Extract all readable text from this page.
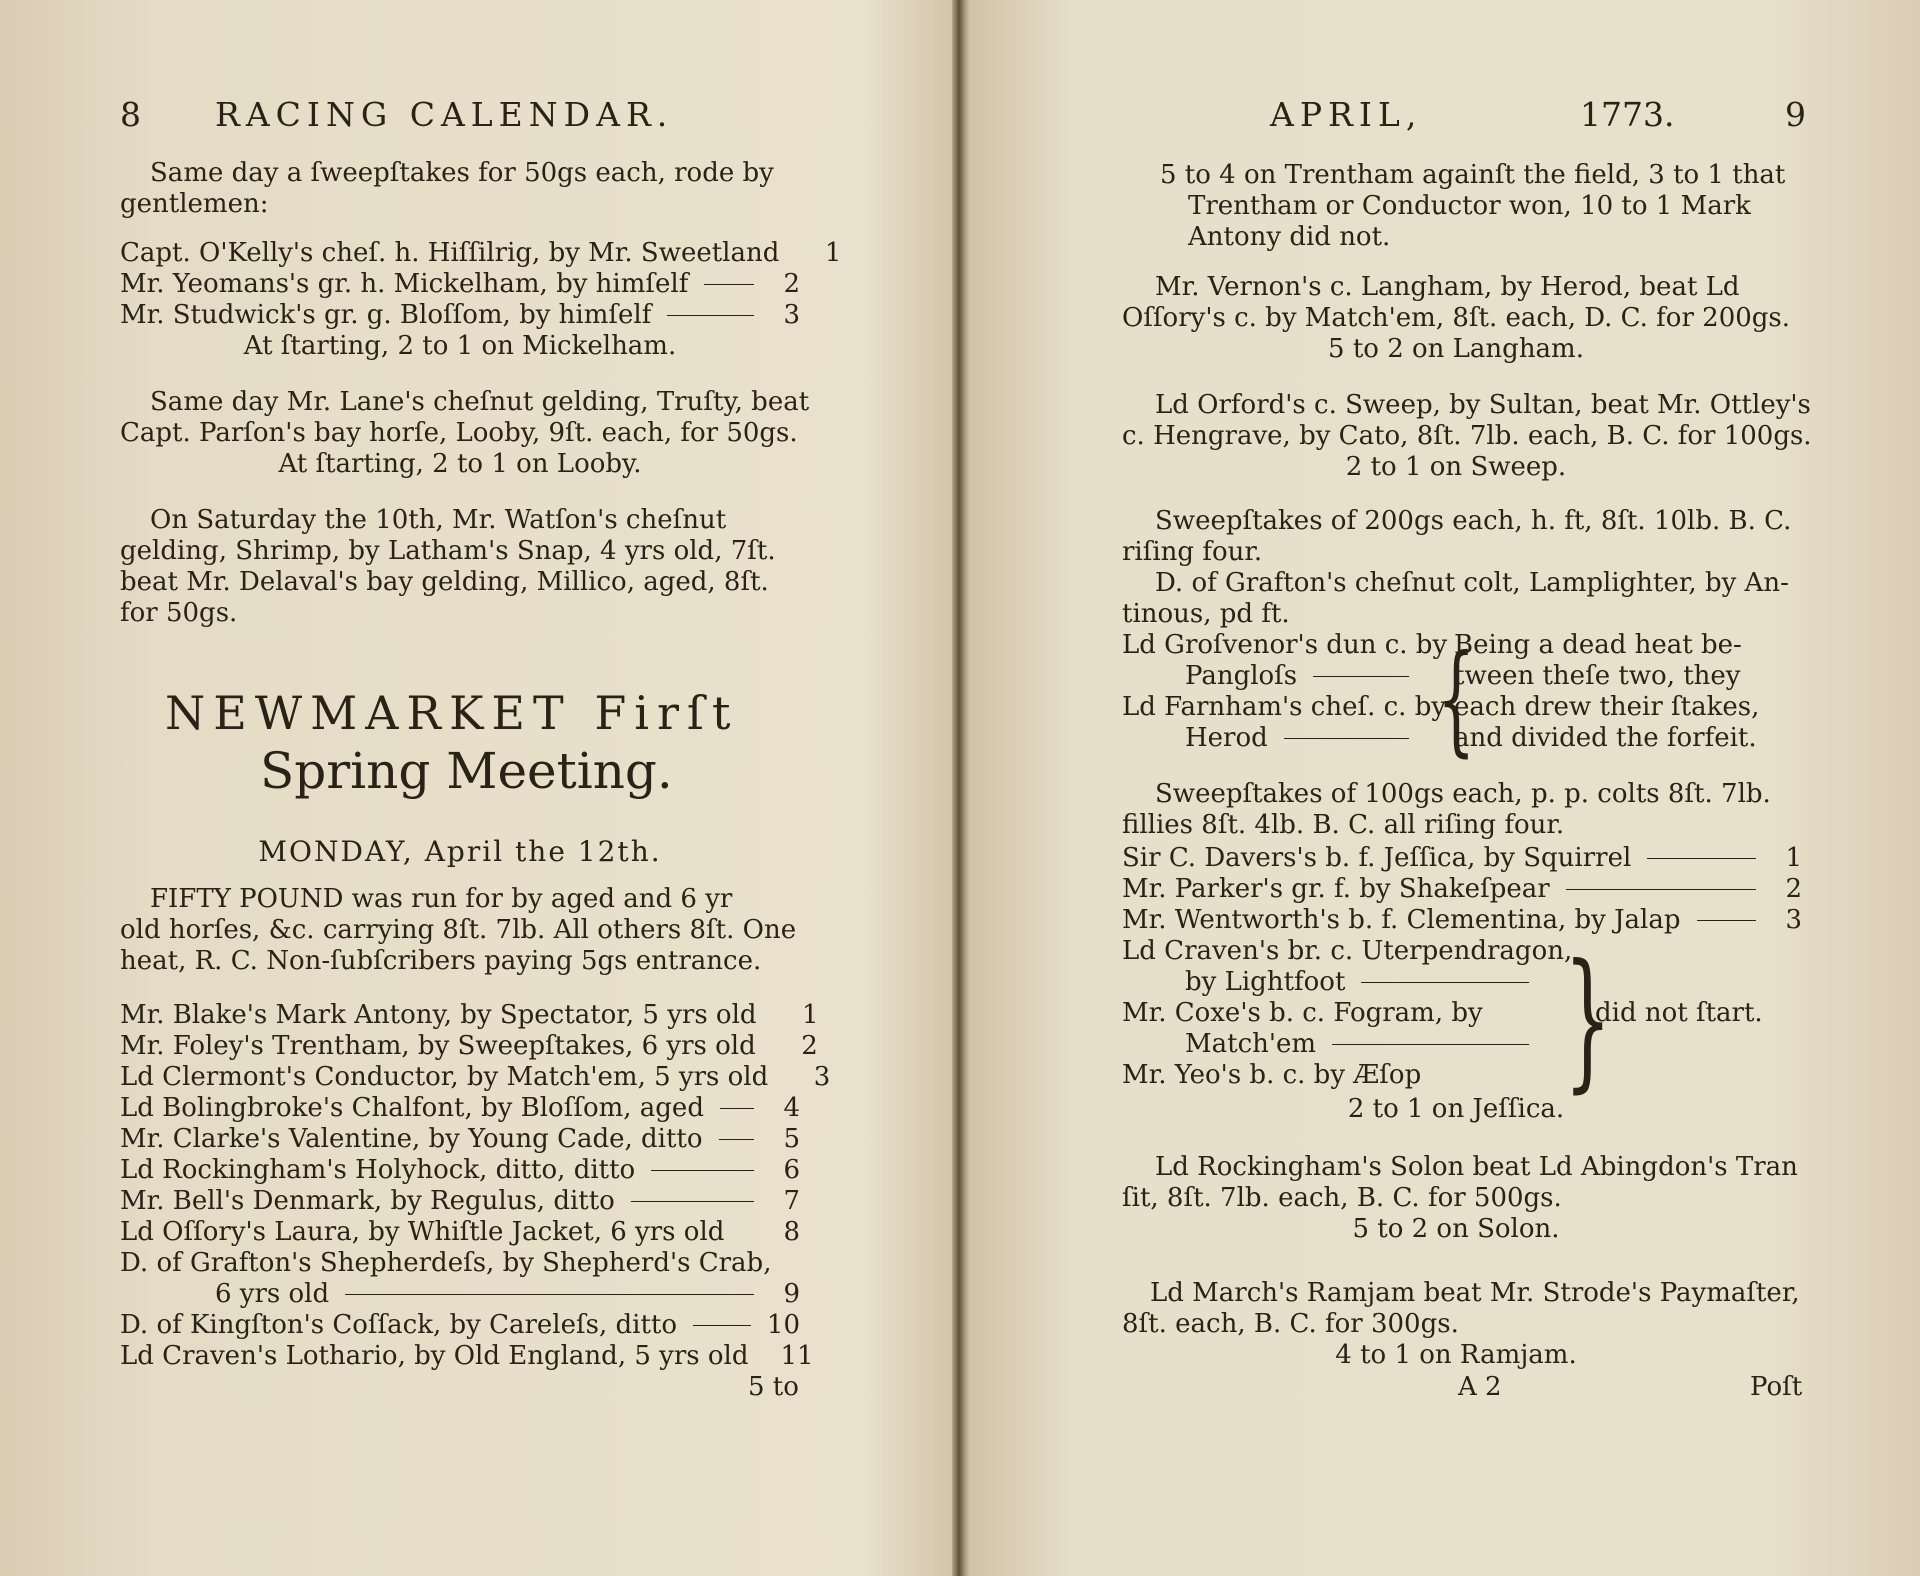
8 RACING CALENDAR.
Same day a ſweepſtakes for 50gs each, rode by
gentlemen:
Capt. O'Kelly's cheſ. h. Hiſſilrig, by Mr. Sweetland	1
Mr. Yeomans's gr. h. Mickelham, by himſelf	2
Mr. Studwick's gr. g. Bloſſom, by himſelf	3
At ſtarting, 2 to 1 on Mickelham.
Same day Mr. Lane's cheſnut gelding, Truſty, beat
Capt. Parſon's bay horſe, Looby, 9ſt. each, for 50gs.
At ſtarting, 2 to 1 on Looby.
On Saturday the 10th, Mr. Watſon's cheſnut
gelding, Shrimp, by Latham's Snap, 4 yrs old, 7ſt.
beat Mr. Delaval's bay gelding, Millico, aged, 8ſt.
for 50gs.
NEWMARKET Firſt
Spring Meeting.
MONDAY, April the 12th.
FIFTY POUND was run for by aged and 6 yr
old horſes, &c. carrying 8ſt. 7lb. All others 8ſt. One
heat, R. C. Non-ſubſcribers paying 5gs entrance.
Mr. Blake's Mark Antony, by Spectator, 5 yrs old	1
Mr. Foley's Trentham, by Sweepſtakes, 6 yrs old	2
Ld Clermont's Conductor, by Match'em, 5 yrs old	3
Ld Bolingbroke's Chalfont, by Bloſſom, aged	4
Mr. Clarke's Valentine, by Young Cade, ditto	5
Ld Rockingham's Holyhock, ditto, ditto	6
Mr. Bell's Denmark, by Regulus, ditto	7
Ld Oſſory's Laura, by Whiſtle Jacket, 6 yrs old	8
D. of Grafton's Shepherdeſs, by Shepherd's Crab,
6 yrs old	9
D. of Kingſton's Coſſack, by Careleſs, ditto	10
Ld Craven's Lothario, by Old England, 5 yrs old 11
5 to
APRIL,	1773.	9
5 to 4 on Trentham againſt the field, 3 to 1 that
Trentham or Conductor won, 10 to 1 Mark
Antony did not.
Mr. Vernon's c. Langham, by Herod, beat Ld
Oſſory's c. by Match'em, 8ſt. each, D. C. for 200gs.
5 to 2 on Langham.
Ld Orford's c. Sweep, by Sultan, beat Mr. Ottley's
c. Hengrave, by Cato, 8ſt. 7lb. each, B. C. for 100gs.
2 to 1 on Sweep.
Sweepſtakes of 200gs each, h. ft, 8ſt. 10lb. B. C.
riſing four.
D. of Grafton's cheſnut colt, Lamplighter, by An-
tinous, pd ft.
Ld Groſvenor's dun c. by
Pangloſs
Ld Farnham's cheſ. c. by
Herod {
Being a dead heat be-
tween theſe two, they
each drew their ſtakes,
and divided the forfeit.
Sweepſtakes of 100gs each, p. p. colts 8ſt. 7lb.
fillies 8ſt. 4lb. B. C. all riſing four.
Sir C. Davers's b. f. Jeſſica, by Squirrel	1
Mr. Parker's gr. f. by Shakeſpear	2
Mr. Wentworth's b. f. Clementina, by Jalap	3
Ld Craven's br. c. Uterpendragon,
by Lightfoot
Mr. Coxe's b. c. Fogram, by
Match'em
Mr. Yeo's b. c. by Æſop }
did not ſtart.
2 to 1 on Jeſſica.
Ld Rockingham's Solon beat Ld Abingdon's Tran
ſit, 8ſt. 7lb. each, B. C. for 500gs.
5 to 2 on Solon.
Ld March's Ramjam beat Mr. Strode's Paymaſter,
8ſt. each, B. C. for 300gs.
4 to 1 on Ramjam.
A 2	Poſt
